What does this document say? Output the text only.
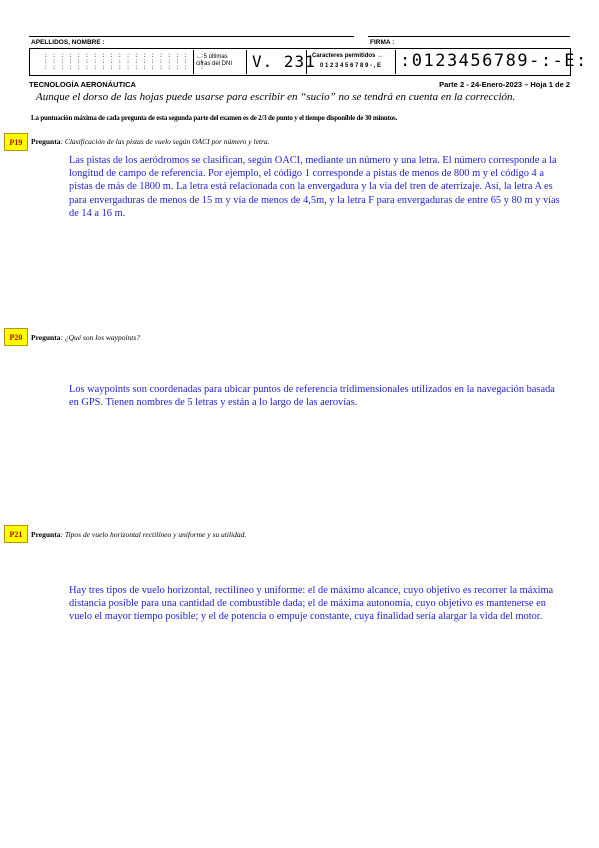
APELLIDOS, NOMBRE :	FIRMA :
: : : : : : : : : : : : : : : : : : : :
: : : : : : : : : : : : : : : : : : : :
: : : : : : : : : : : : : : : : : : : :
← 5 últimas
cifras del DNI V. 231
Caracteres permitidos →
0 1 2 3 4 5 6 7 8 9 - , E :0123456789-:-E:
TECNOLOGÍA AERONÁUTICA	Parte 2 - 24-Enero-2023 – Hoja 1 de 2
Aunque el dorso de las hojas puede usarse para escribir en “sucio” no se tendrá en cuenta en la corrección.
La puntuación máxima de cada pregunta de esta segunda parte del examen es de 2/3 de punto y el tiempo disponible de 30 minutos.
P19	Pregunta: Clasificación de las pistas de vuelo según OACI por número y letra.
Las pistas de los aeródromos se clasifican, según OACI, mediante un número y una letra. El número corresponde a la longitud de campo de referencia. Por ejemplo, el código 1 corresponde a pistas de menos de 800 m y el código 4 a pistas de más de 1800 m. La letra está relacionada con la envergadura y la vía del tren de aterrizaje. Así, la letra A es para envergaduras de menos de 15 m y vía de menos de 4,5m, y la letra F para envergaduras de entre 65 y 80 m y vías de 14 a 16 m.
P20	Pregunta: ¿Qué son los waypoints?
Los waypoints son coordenadas para ubicar puntos de referencia tridimensionales utilizados en la navegación basada en GPS. Tienen nombres de 5 letras y están a lo largo de las aerovías.
P21	Pregunta: Tipos de vuelo horizontal rectilíneo y uniforme y su utilidad.
Hay tres tipos de vuelo horizontal, rectilíneo y uniforme: el de máximo alcance, cuyo objetivo es recorrer la máxima distancia posible para una cantidad de combustible dada; el de máxima autonomía, cuyo objetivo es mantenerse en vuelo el mayor tiempo posible; y el de potencia o empuje constante, cuya finalidad sería alargar la vida del motor.
